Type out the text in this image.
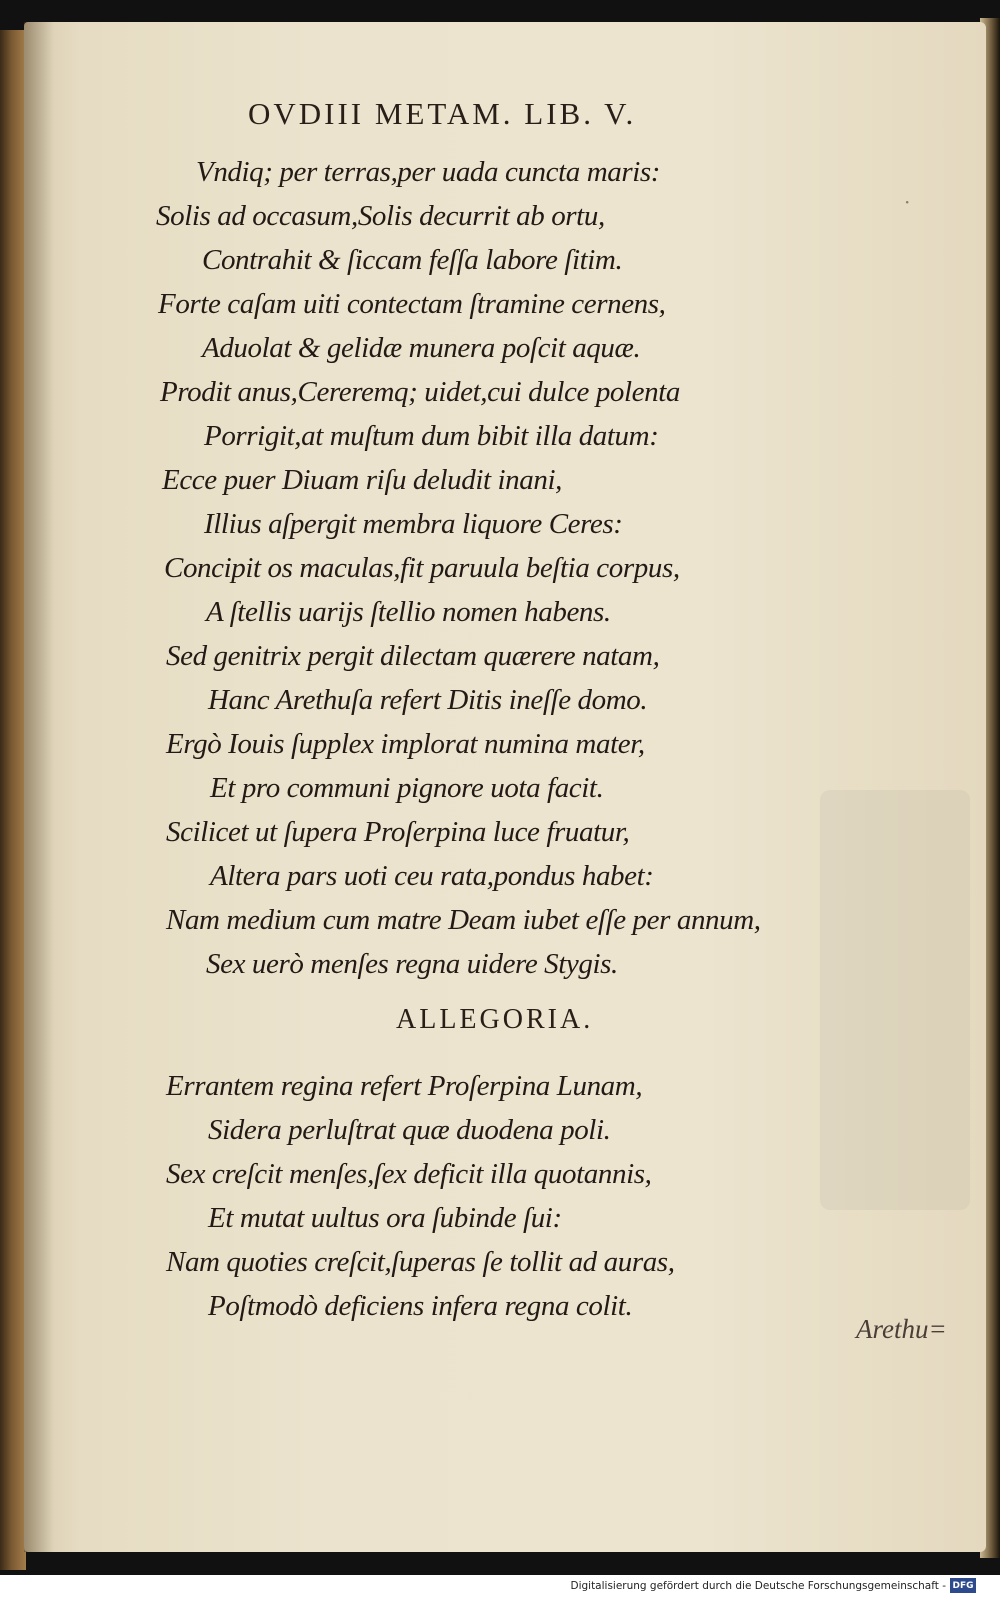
·
OVDIII METAM. LIB. V.
Vndiq; per terras,per uada cuncta maris:
Solis ad occasum,Solis decurrit ab ortu,
Contrahit & ſiccam feſſa labore ſitim.
Forte caſam uiti contectam ſtramine cernens,
Aduolat & gelidæ munera poſcit aquæ.
Prodit anus,Cereremq; uidet,cui dulce polenta
Porrigit,at muſtum dum bibit illa datum:
Ecce puer Diuam riſu deludit inani,
Illius aſpergit membra liquore Ceres:
Concipit os maculas,fit paruula beſtia corpus,
A ſtellis uarijs ſtellio nomen habens.
Sed genitrix pergit dilectam quærere natam,
Hanc Arethuſa refert Ditis ineſſe domo.
Ergò Iouis ſupplex implorat numina mater,
Et pro communi pignore uota facit.
Scilicet ut ſupera Proſerpina luce fruatur,
Altera pars uoti ceu rata,pondus habet:
Nam medium cum matre Deam iubet eſſe per annum,
Sex uerò menſes regna uidere Stygis.
ALLEGORIA.
Errantem regina refert Proſerpina Lunam,
Sidera perluſtrat quæ duodena poli.
Sex creſcit menſes,ſex deficit illa quotannis,
Et mutat uultus ora ſubinde ſui:
Nam quoties creſcit,ſuperas ſe tollit ad auras,
Poſtmodò deficiens infera regna colit.
Arethu=
Digitalisierung gefördert durch die Deutsche Forschungsgemeinschaft - DFG
